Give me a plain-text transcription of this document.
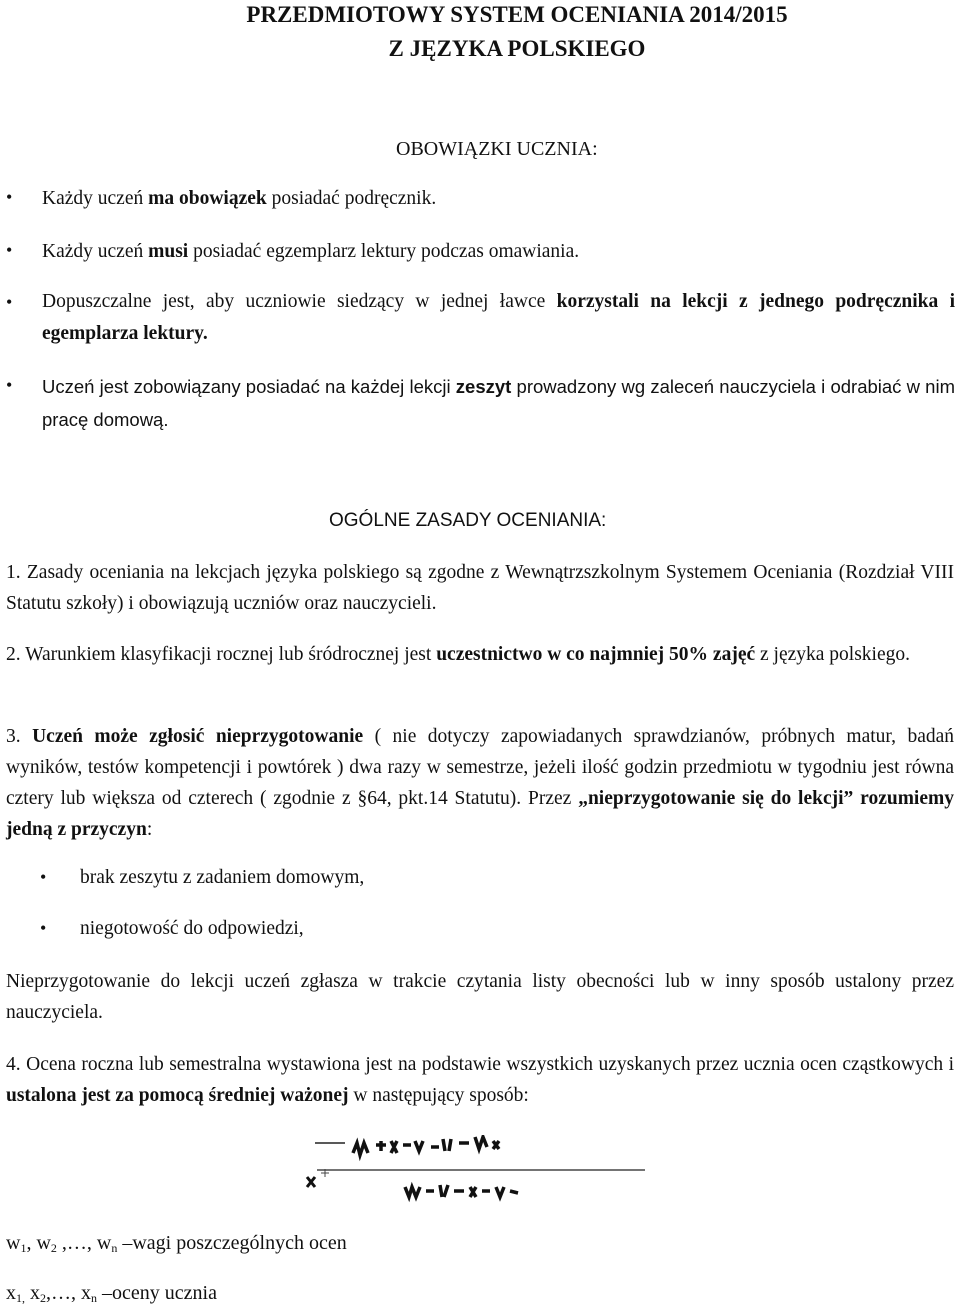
PRZEDMIOTOWY SYSTEM OCENIANIA 2014/2015

Z JĘZYKA POLSKIEGO

OBOWIĄZKI UCZNIA:

• Każdy uczeń ma obowiązek posiadać podręcznik.

• Każdy uczeń musi posiadać egzemplarz lektury podczas omawiania.

• Dopuszczalne jest, aby uczniowie siedzący w jednej ławce korzystali na lekcji z jednego podręcznika i egemplarza lektury.

• Uczeń jest zobowiązany posiadać na każdej lekcji zeszyt prowadzony wg zaleceń nauczyciela i odrabiać w nim pracę domową.

OGÓLNE ZASADY OCENIANIA:

1. Zasady oceniania na lekcjach języka polskiego są zgodne z Wewnątrzszkolnym Systemem Oceniania (Rozdział VIII Statutu szkoły) i obowiązują uczniów oraz nauczycieli.

2. Warunkiem klasyfikacji rocznej lub śródrocznej jest uczestnictwo w co najmniej 50% zajęć z języka polskiego.

3. Uczeń może zgłosić nieprzygotowanie ( nie dotyczy zapowiadanych sprawdzianów, próbnych matur, badań wyników, testów kompetencji i powtórek ) dwa razy w semestrze, jeżeli ilość godzin przedmiotu w tygodniu jest równa cztery lub większa od czterech ( zgodnie z §64, pkt.14 Statutu). Przez „nieprzygotowanie się do lekcji” rozumiemy jedną z przyczyn:

• brak zeszytu z zadaniem domowym,

• niegotowość do odpowiedzi,

Nieprzygotowanie do lekcji uczeń zgłasza w trakcie czytania listy obecności lub w inny sposób ustalony przez nauczyciela.

4. Ocena roczna lub semestralna wystawiona jest na podstawie wszystkich uzyskanych przez ucznia ocen cząstkowych i ustalona jest za pomocą średniej ważonej w następujący sposób:

$w_1$, $w_2$ ,…, $w_n$ –wagi poszczególnych ocen

$x_{1,}$ $x_2,\dots$, $x_n$ –oceny ucznia
